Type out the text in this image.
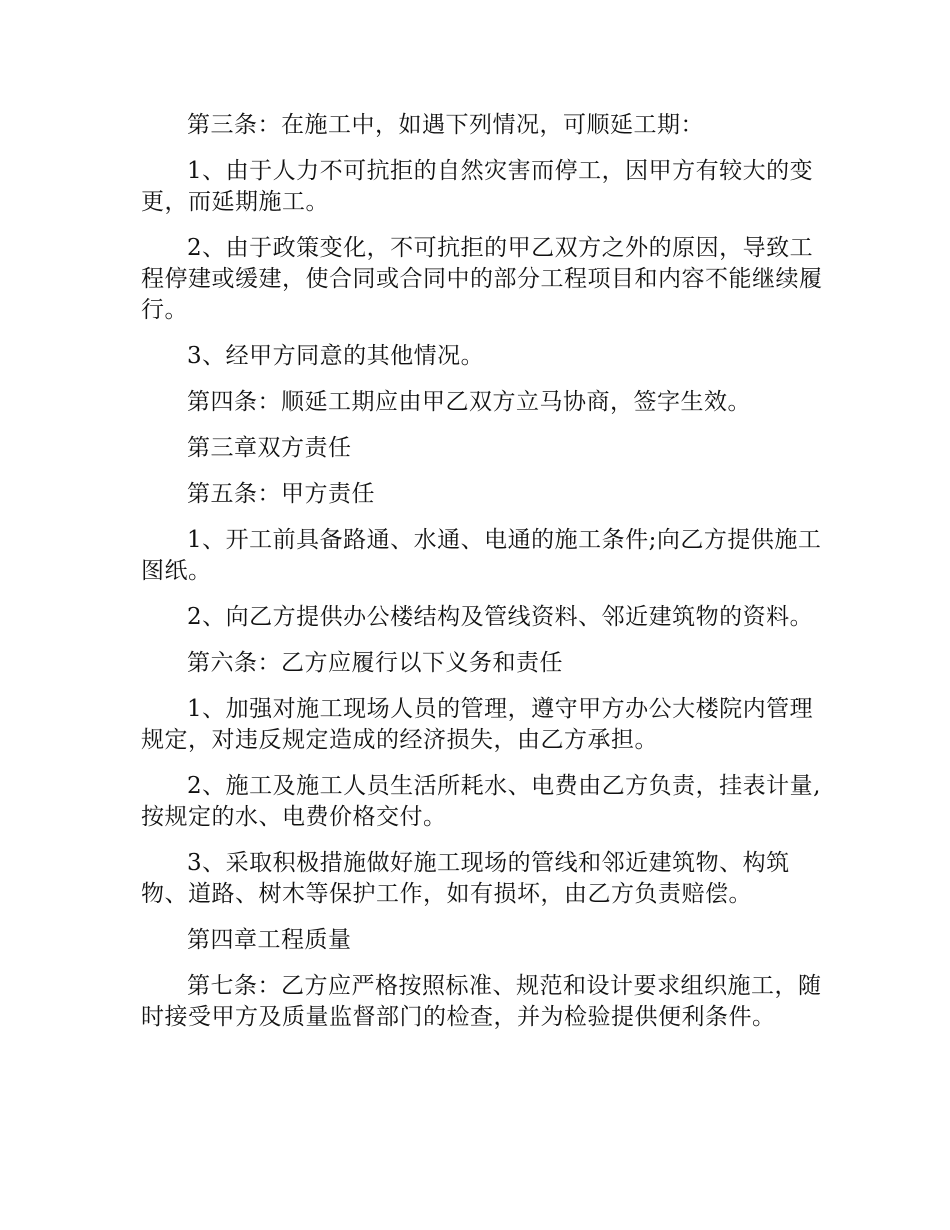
第三条：在施工中，如遇下列情况，可顺延工期：

1、由于人力不可抗拒的自然灾害而停工，因甲方有较大的变更，而延期施工。

2、由于政策变化，不可抗拒的甲乙双方之外的原因，导致工程停建或缓建，使合同或合同中的部分工程项目和内容不能继续履行。

3、经甲方同意的其他情况。

第四条：顺延工期应由甲乙双方立马协商，签字生效。

第三章双方责任

第五条：甲方责任

1、开工前具备路通、水通、电通的施工条件;向乙方提供施工图纸。

2、向乙方提供办公楼结构及管线资料、邻近建筑物的资料。

第六条：乙方应履行以下义务和责任

1、加强对施工现场人员的管理，遵守甲方办公大楼院内管理规定，对违反规定造成的经济损失，由乙方承担。

2、施工及施工人员生活所耗水、电费由乙方负责，挂表计量,按规定的水、电费价格交付。

3、采取积极措施做好施工现场的管线和邻近建筑物、构筑物、道路、树木等保护工作，如有损坏，由乙方负责赔偿。

第四章工程质量

第七条：乙方应严格按照标准、规范和设计要求组织施工，随时接受甲方及质量监督部门的检查，并为检验提供便利条件。
